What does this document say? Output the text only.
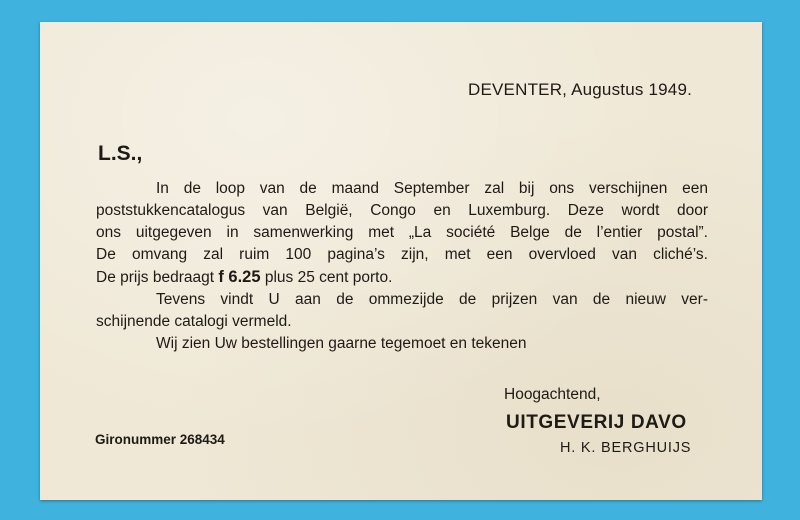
DEVENTER, Augustus 1949.
L.S.,
In de loop van de maand September zal bij ons verschijnen een
poststukkencatalogus van België, Congo en Luxemburg. Deze wordt door
ons uitgegeven in samenwerking met „La société Belge de l’entier postal”.
De omvang zal ruim 100 pagina’s zijn, met een overvloed van cliché’s.
De prijs bedraagt f 6.25 plus 25 cent porto.
Tevens vindt U aan de ommezijde de prijzen van de nieuw ver-
schijnende catalogi vermeld.
Wij zien Uw bestellingen gaarne tegemoet en tekenen
Hoogachtend,
UITGEVERIJ DAVO
H. K. BERGHUIJS
Gironummer 268434
